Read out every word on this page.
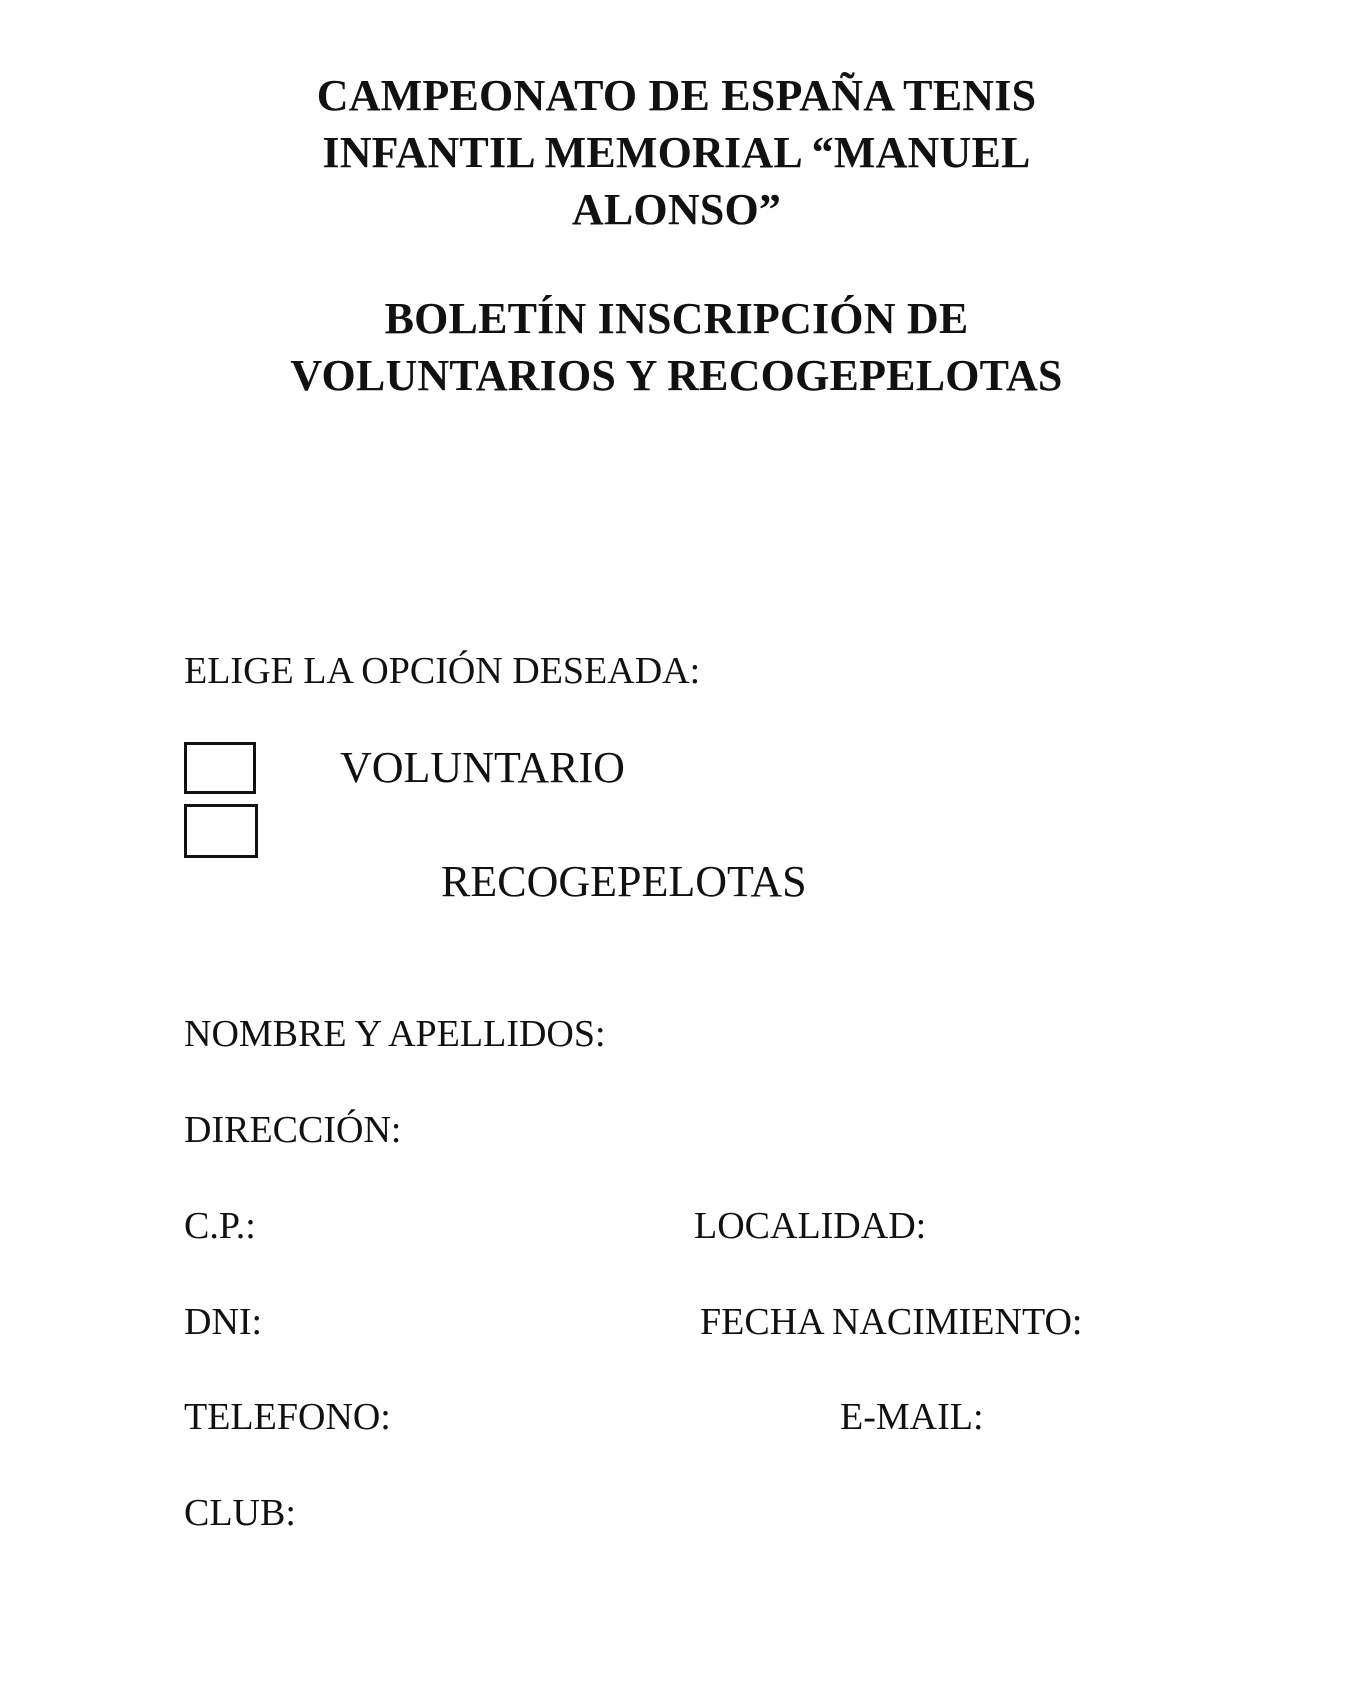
CAMPEONATO DE ESPAÑA TENIS
INFANTIL MEMORIAL “MANUEL
ALONSO”
BOLETÍN INSCRIPCIÓN DE
VOLUNTARIOS Y RECOGEPELOTAS
ELIGE LA OPCIÓN DESEADA:
VOLUNTARIO
RECOGEPELOTAS
NOMBRE Y APELLIDOS:
DIRECCIÓN:
C.P.:	LOCALIDAD:
DNI:	FECHA NACIMIENTO:
TELEFONO:	E-MAIL:
CLUB:
